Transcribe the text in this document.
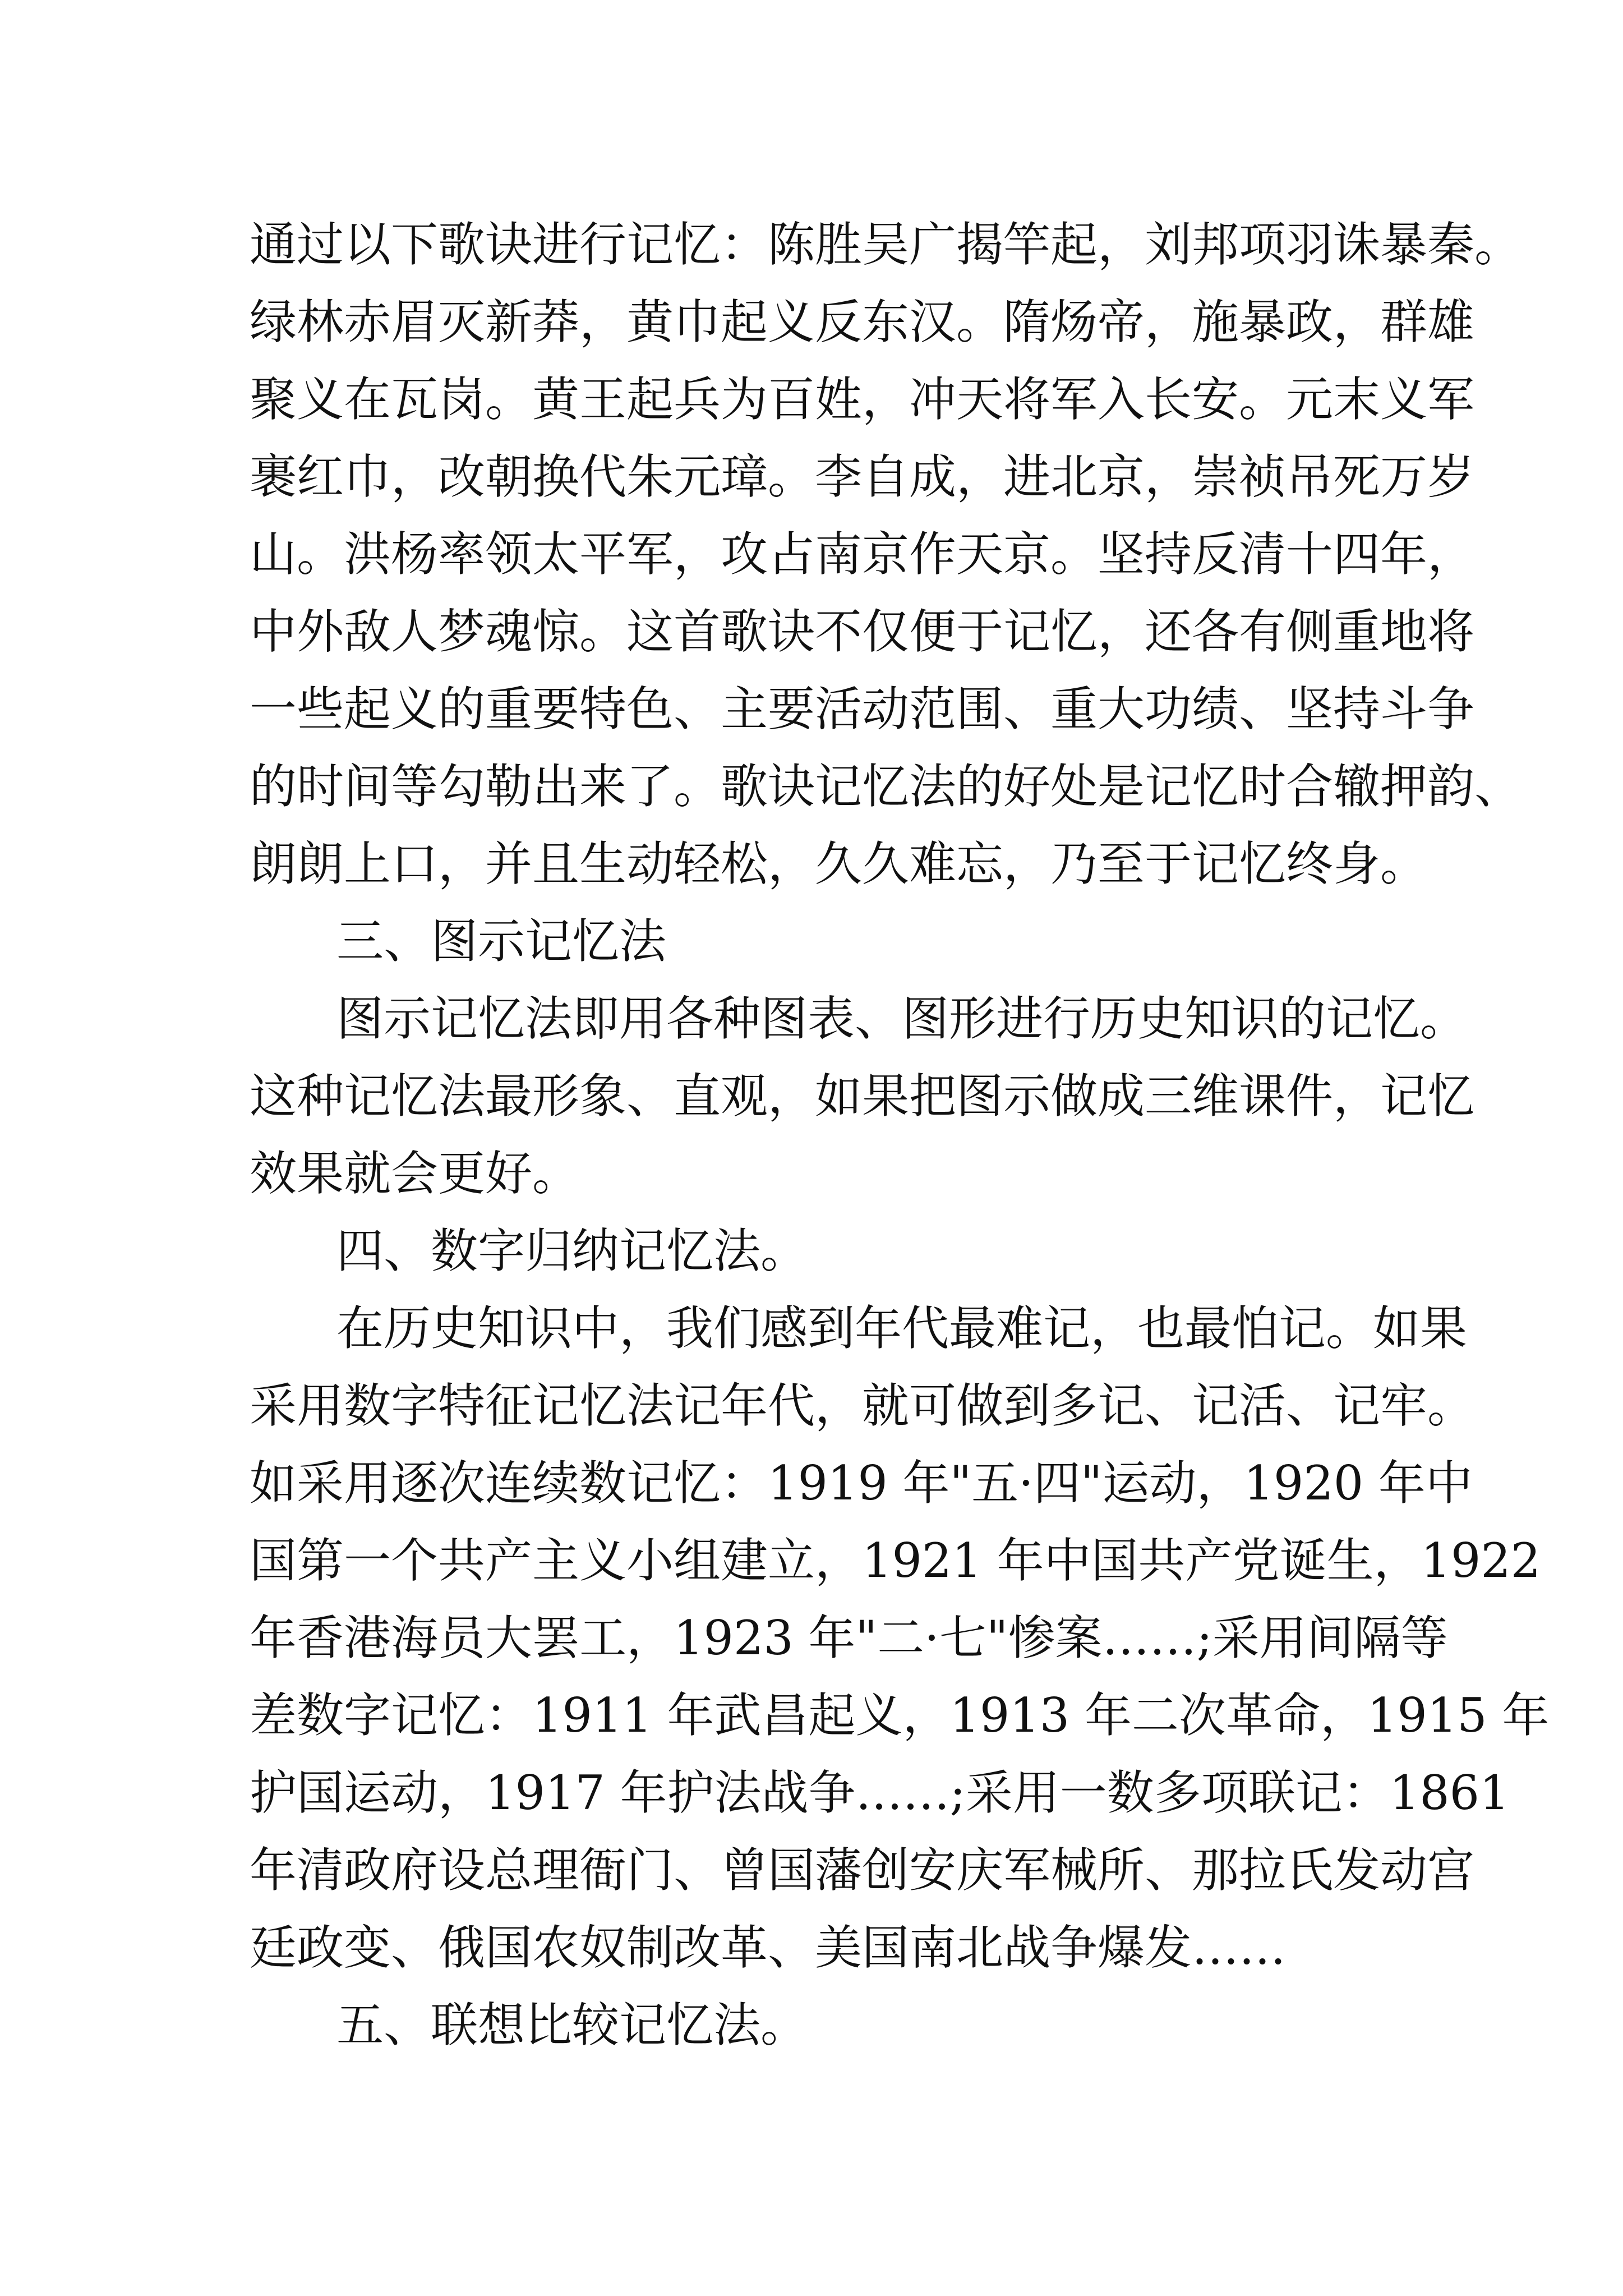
通过以下歌诀进行记忆：陈胜吴广揭竿起，刘邦项羽诛暴秦。
绿林赤眉灭新莽，黄巾起义反东汉。隋炀帝，施暴政，群雄
聚义在瓦岗。黄王起兵为百姓，冲天将军入长安。元末义军
裹红巾，改朝换代朱元璋。李自成，进北京，崇祯吊死万岁
山。洪杨率领太平军，攻占南京作天京。坚持反清十四年，
中外敌人梦魂惊。这首歌诀不仅便于记忆，还各有侧重地将
一些起义的重要特色、主要活动范围、重大功绩、坚持斗争
的时间等勾勒出来了。歌诀记忆法的好处是记忆时合辙押韵、
朗朗上口，并且生动轻松，久久难忘，乃至于记忆终身。
三、图示记忆法
图示记忆法即用各种图表、图形进行历史知识的记忆。
这种记忆法最形象、直观，如果把图示做成三维课件，记忆
效果就会更好。
四、数字归纳记忆法。
在历史知识中，我们感到年代最难记，也最怕记。如果
采用数字特征记忆法记年代，就可做到多记、记活、记牢。
如采用逐次连续数记忆：1919 年"五·四"运动，1920 年中
国第一个共产主义小组建立，1921 年中国共产党诞生，1922
年香港海员大罢工，1923 年"二·七"惨案……;采用间隔等
差数字记忆：1911 年武昌起义，1913 年二次革命，1915 年
护国运动，1917 年护法战争……;采用一数多项联记：1861
年清政府设总理衙门、曾国藩创安庆军械所、那拉氏发动宫
廷政变、俄国农奴制改革、美国南北战争爆发……
五、联想比较记忆法。
